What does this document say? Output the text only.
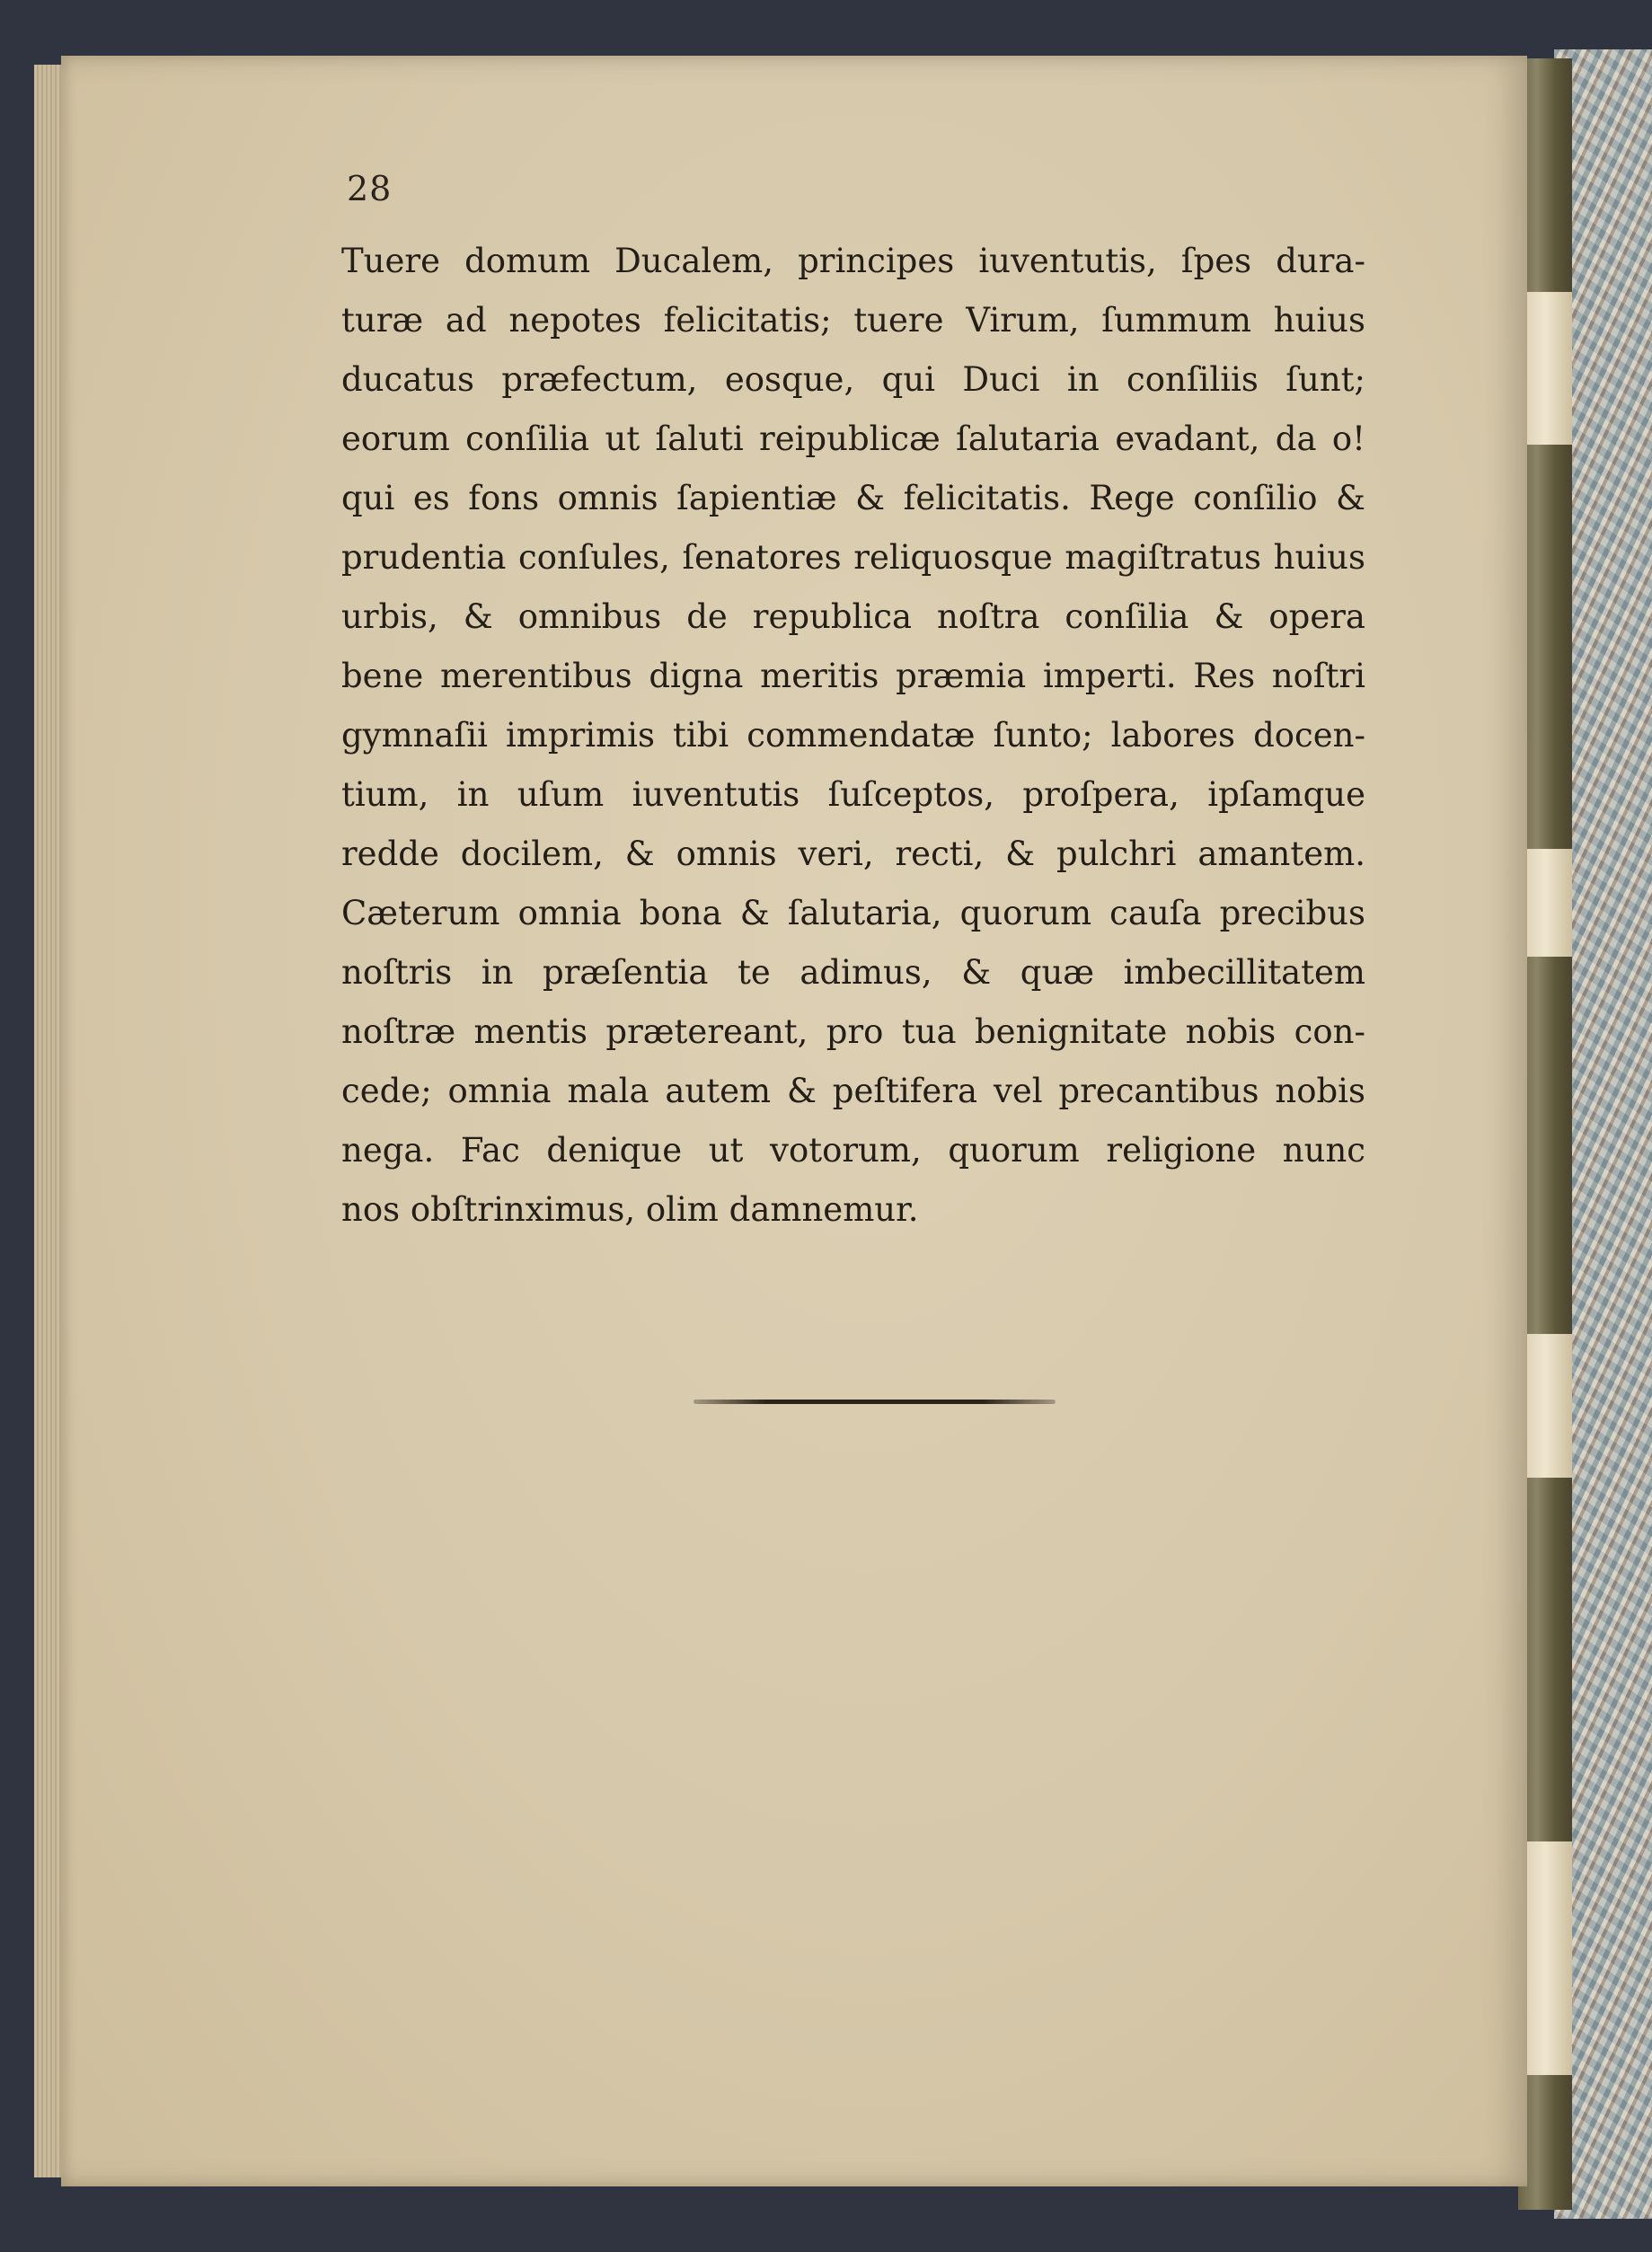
28
Tuere domum Ducalem, principes iuventutis, ſpes dura-
turæ ad nepotes felicitatis; tuere Virum, ſummum huius
ducatus præfectum, eosque, qui Duci in conſiliis ſunt;
eorum conſilia ut ſaluti reipublicæ ſalutaria evadant, da o!
qui es fons omnis ſapientiæ & felicitatis. Rege conſilio &
prudentia conſules, ſenatores reliquosque magiſtratus huius
urbis, & omnibus de republica noſtra conſilia & opera
bene merentibus digna meritis præmia imperti. Res noſtri
gymnaſii imprimis tibi commendatæ ſunto; labores docen-
tium, in uſum iuventutis ſuſceptos, proſpera, ipſamque
redde docilem, & omnis veri, recti, & pulchri amantem.
Cæterum omnia bona & ſalutaria, quorum cauſa precibus
noſtris in præſentia te adimus, & quæ imbecillitatem
noſtræ mentis prætereant, pro tua benignitate nobis con-
cede; omnia mala autem & peſtifera vel precantibus nobis
nega. Fac denique ut votorum, quorum religione nunc
nos obſtrinximus, olim damnemur.
